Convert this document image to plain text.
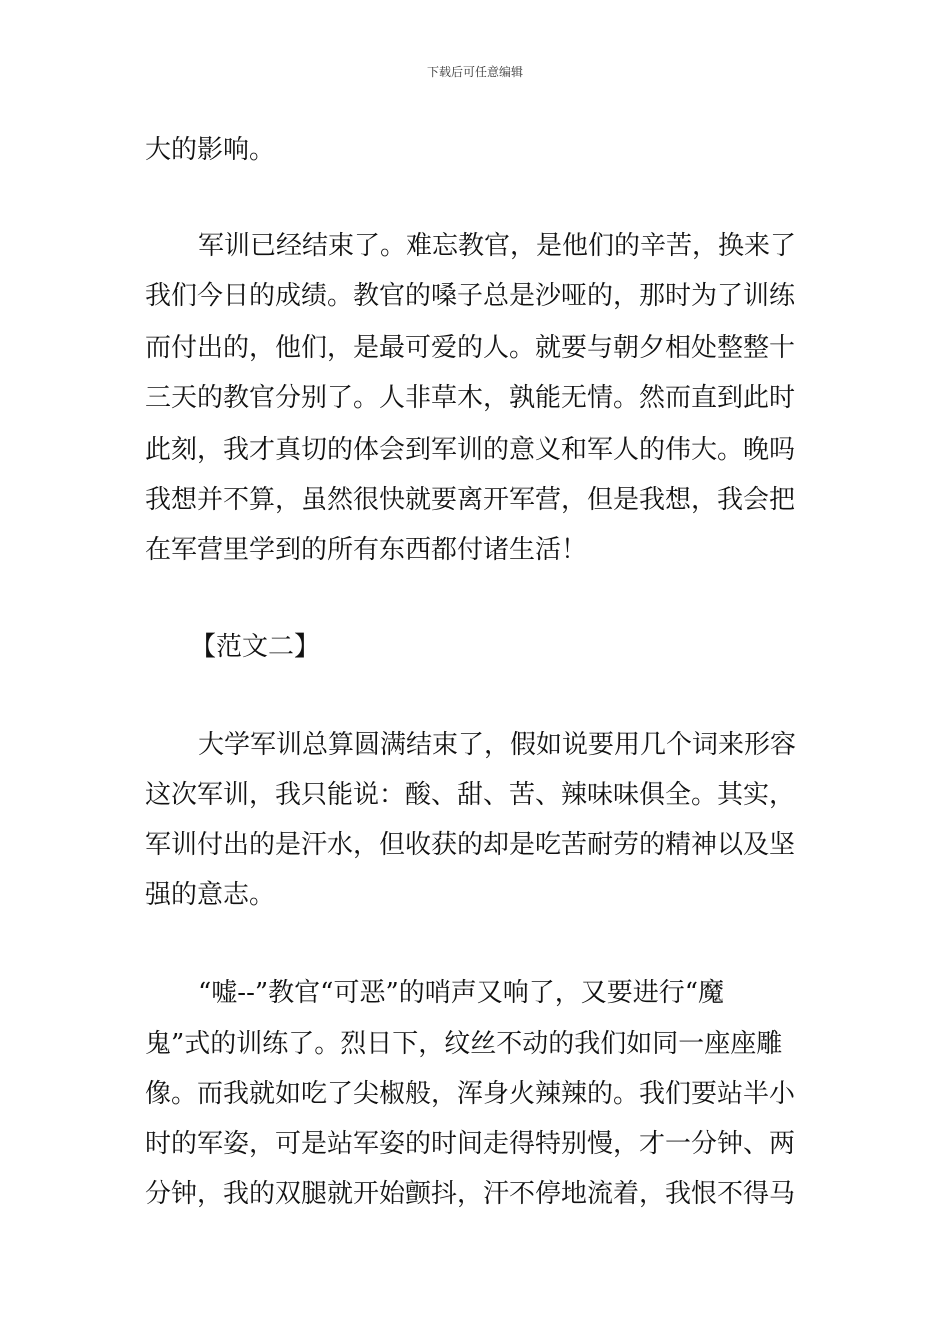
下载后可任意编辑
大的影响。
军训已经结束了。难忘教官，是他们的辛苦，换来了
我们今日的成绩。教官的嗓子总是沙哑的，那时为了训练
而付出的，他们，是最可爱的人。就要与朝夕相处整整十
三天的教官分别了。人非草木，孰能无情。然而直到此时
此刻，我才真切的体会到军训的意义和军人的伟大。晚吗
我想并不算，虽然很快就要离开军营，但是我想，我会把
在军营里学到的所有东西都付诸生活！
【范文二】
大学军训总算圆满结束了，假如说要用几个词来形容
这次军训，我只能说：酸、甜、苦、辣味味俱全。其实，
军训付出的是汗水，但收获的却是吃苦耐劳的精神以及坚
强的意志。
“嘘--”教官“可恶”的哨声又响了，又要进行“魔
鬼”式的训练了。烈日下，纹丝不动的我们如同一座座雕
像。而我就如吃了尖椒般，浑身火辣辣的。我们要站半小
时的军姿，可是站军姿的时间走得特别慢，才一分钟、两
分钟，我的双腿就开始颤抖，汗不停地流着，我恨不得马
